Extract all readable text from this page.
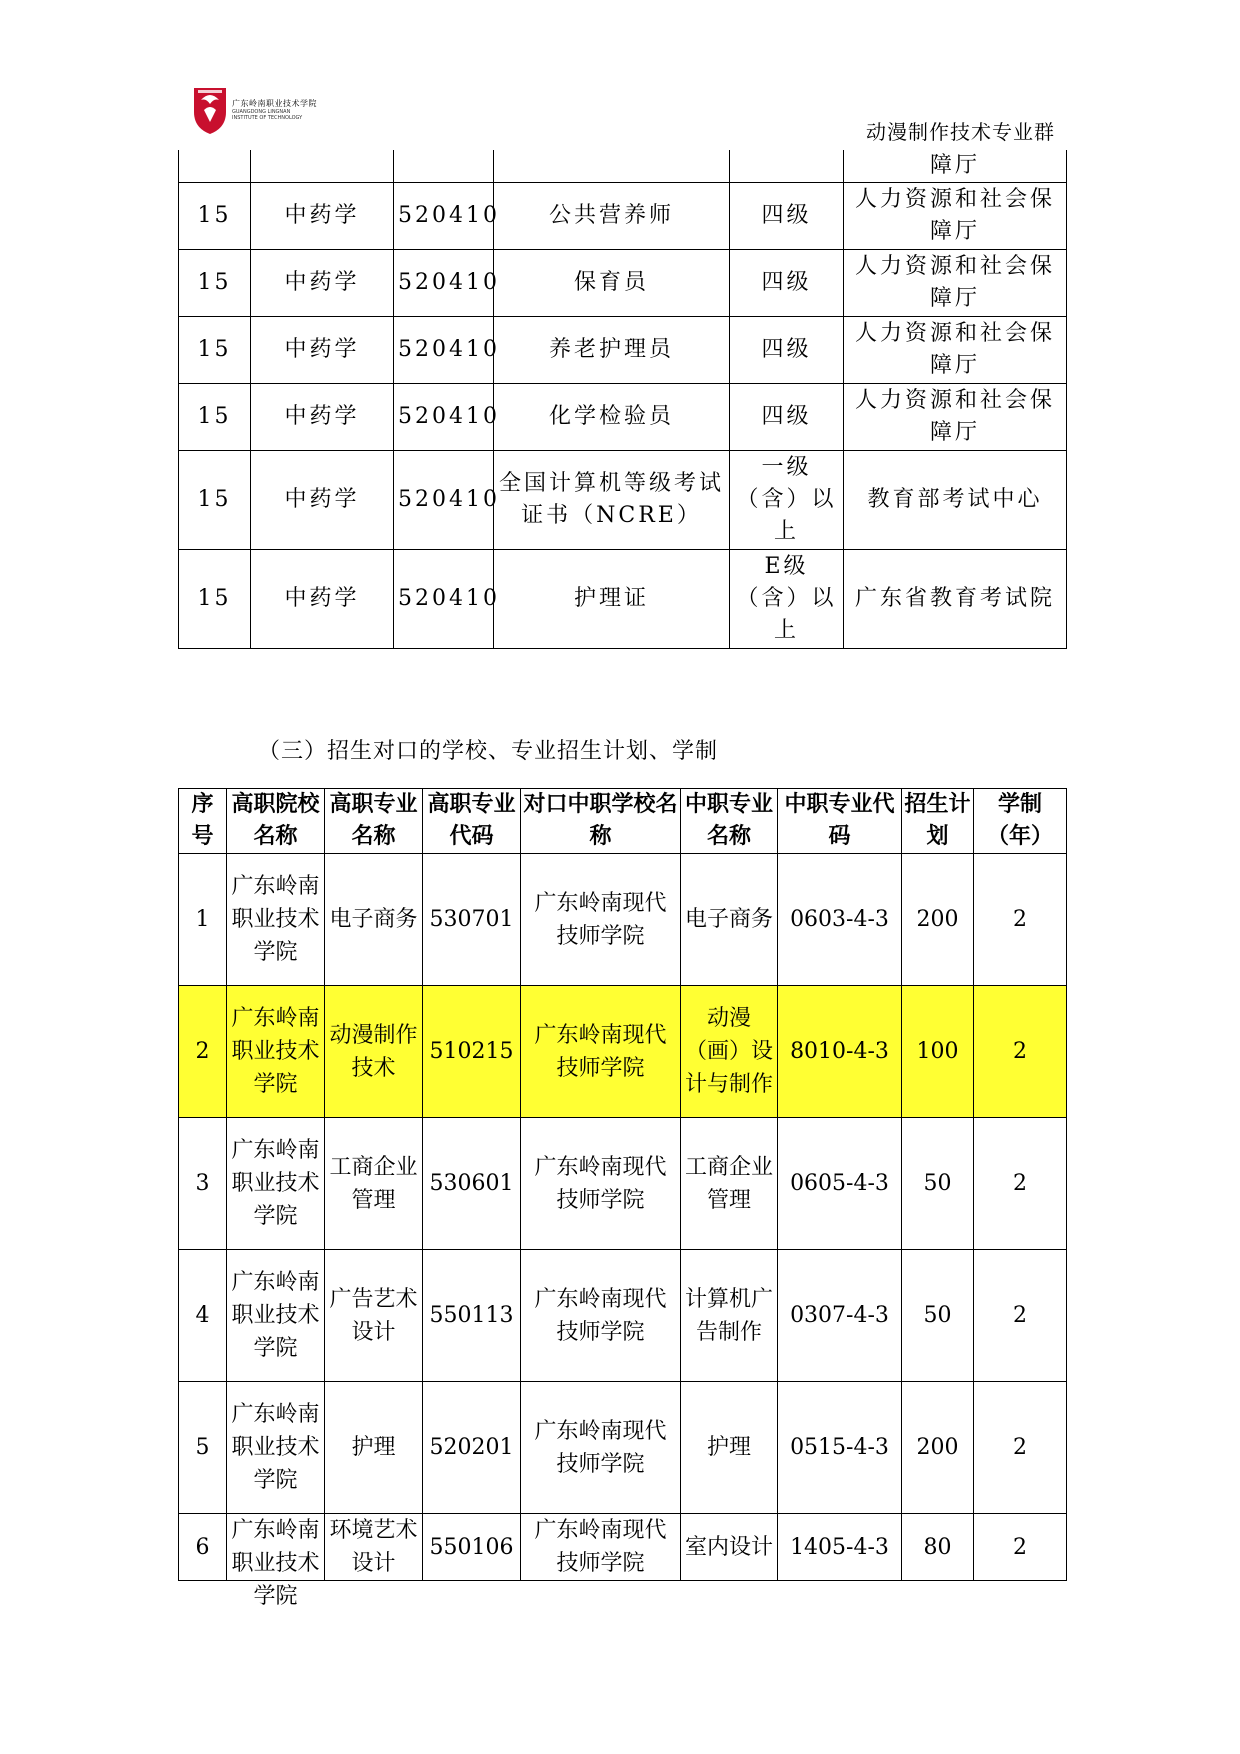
广东岭南职业技术学院
GUANGDONG LINGNAN INSTITUTE OF TECHNOLOGY
动漫制作技术专业群
					障厅
15	中药学	520410	公共营养师	四级	人力资源和社会保障厅
15	中药学	520410	保育员	四级	人力资源和社会保障厅
15	中药学	520410	养老护理员	四级	人力资源和社会保障厅
15	中药学	520410	化学检验员	四级	人力资源和社会保障厅
15	中药学	520410	全国计算机等级考试证书（NCRE）	一级（含）以上	教育部考试中心
15	中药学	520410	护理证	E级（含）以上	广东省教育考试院
（三）招生对口的学校、专业招生计划、学制
序号	高职院校名称	高职专业名称	高职专业代码	对口中职学校名称	中职专业名称	中职专业代码	招生计划	学制（年）
1	广东岭南职业技术学院	电子商务	530701	广东岭南现代技师学院	电子商务	0603-4-3	200	2
2	广东岭南职业技术学院	动漫制作技术	510215	广东岭南现代技师学院	动漫（画）设计与制作	8010-4-3	100	2
3	广东岭南职业技术学院	工商企业管理	530601	广东岭南现代技师学院	工商企业管理	0605-4-3	50	2
4	广东岭南职业技术学院	广告艺术设计	550113	广东岭南现代技师学院	计算机广告制作	0307-4-3	50	2
5	广东岭南职业技术学院	护理	520201	广东岭南现代技师学院	护理	0515-4-3	200	2
6	广东岭南职业技术学院	环境艺术设计	550106	广东岭南现代技师学院	室内设计	1405-4-3	80	2
